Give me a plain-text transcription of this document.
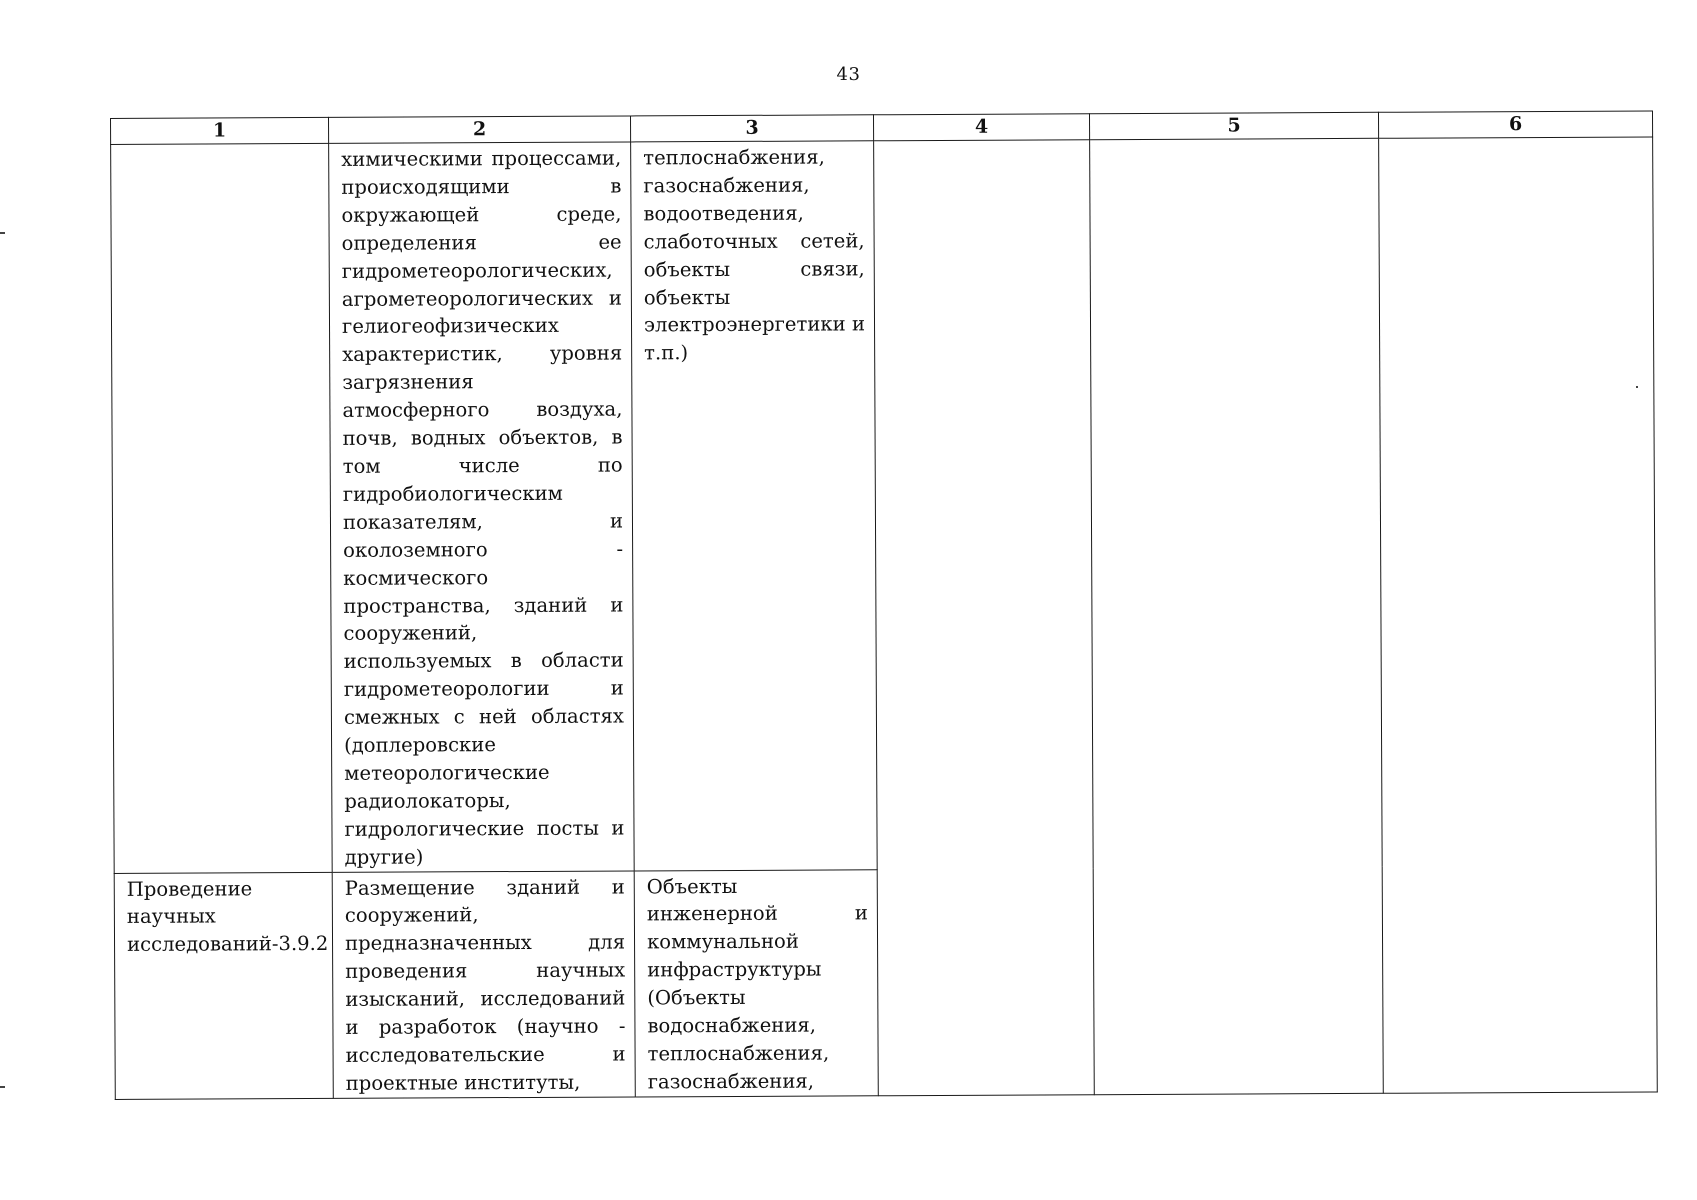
43
1	2	3	4	5	6

	химическими процессами, происходящими в окружающей среде, определения ее гидрометеорологических, агрометеорологических и гелиогеофизических характеристик, уровня загрязнения атмосферного воздуха, почв, водных объектов, в том числе по гидробиологическим показателям, и околоземного - космического пространства, зданий и сооружений, используемых в области гидрометеорологии и смежных с ней областях (доплеровские метеорологические радиолокаторы, гидрологические посты и другие)	теплоснабжения, газоснабжения, водоотведения, слаботочных сетей, объекты связи, объекты электроэнергетики и т.п.)			

Проведение научных исследований-3.9.2	Размещение зданий и сооружений, предназначенных для проведения научных изысканий, исследований и разработок (научно - исследовательские и проектные институты,	Объекты инженерной и коммунальной инфраструктуры (Объекты водоснабжения, теплоснабжения, газоснабжения,			
